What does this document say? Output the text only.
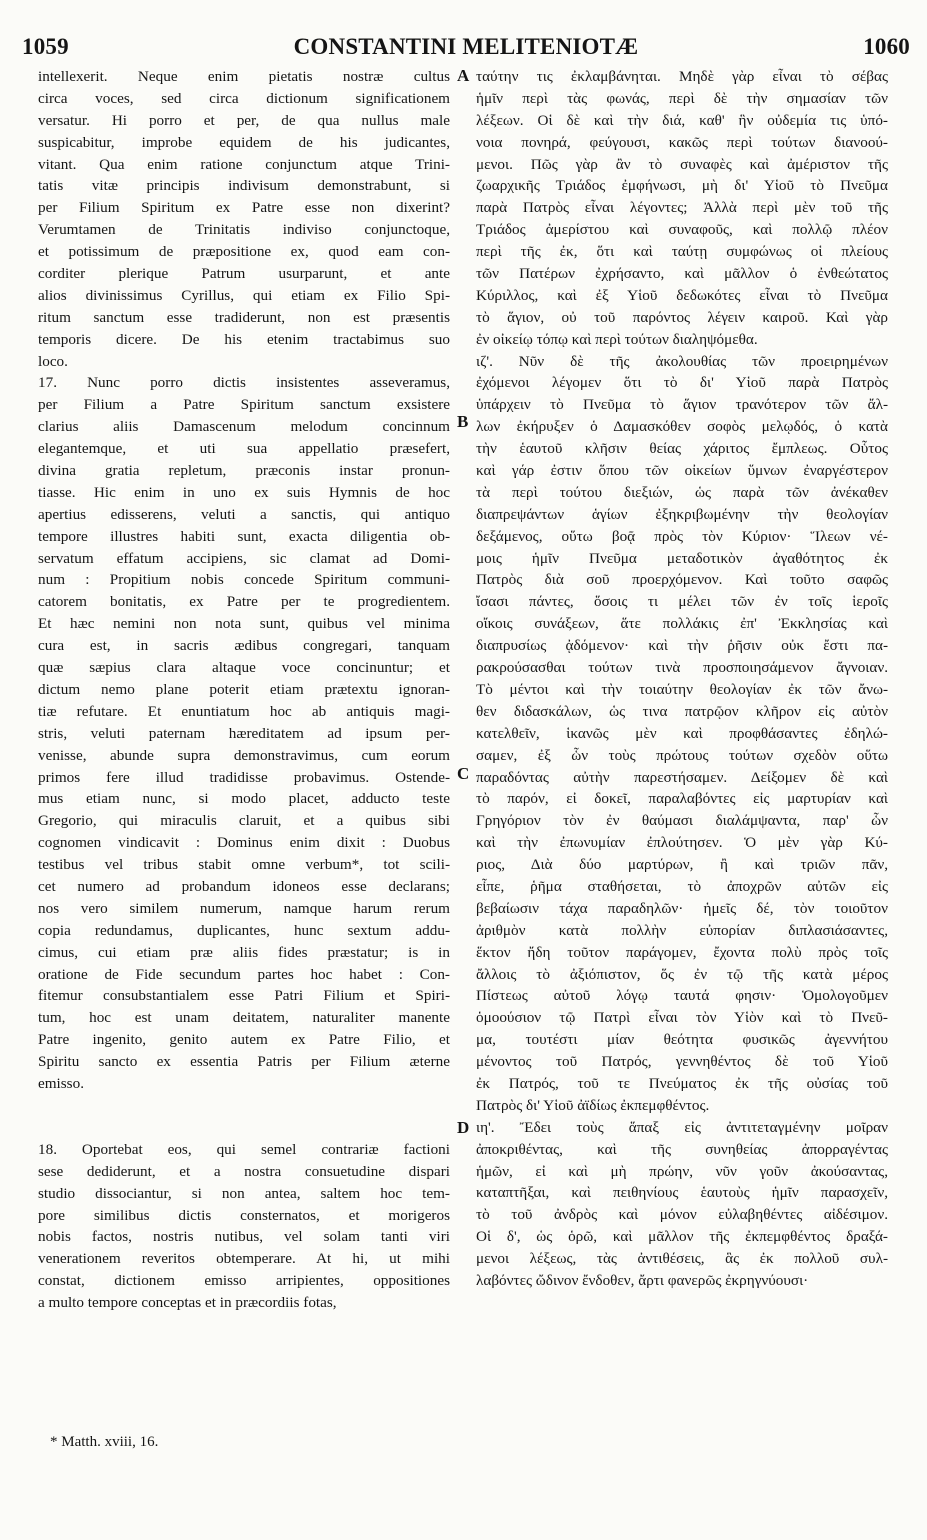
1059	CONSTANTINI MELITENIOTÆ	1060
intellexerit. Neque enim pietatis nostræ cultus
circa voces, sed circa dictionum significationem
versatur. Hi porro et per, de qua nullus male
suspicabitur, improbe equidem de his judicantes,
vitant. Qua enim ratione conjunctum atque Trini-
tatis vitæ principis indivisum demonstrabunt, si
per Filium Spiritum ex Patre esse non dixerint?
Verumtamen de Trinitatis indiviso conjunctoque,
et potissimum de præpositione ex, quod eam con-
corditer plerique Patrum usurparunt, et ante
alios divinissimus Cyrillus, qui etiam ex Filio Spi-
ritum sanctum esse tradiderunt, non est præsentis
temporis dicere. De his etenim tractabimus suo
loco.
17. Nunc porro dictis insistentes asseveramus,
per Filium a Patre Spiritum sanctum exsistere
clarius aliis Damascenum melodum concinnum
elegantemque, et uti sua appellatio præsefert,
divina gratia repletum, præconis instar pronun-
tiasse. Hic enim in uno ex suis Hymnis de hoc
apertius edisserens, veluti a sanctis, qui antiquo
tempore illustres habiti sunt, exacta diligentia ob-
servatum effatum accipiens, sic clamat ad Domi-
num : Propitium nobis concede Spiritum communi-
catorem bonitatis, ex Patre per te progredientem.
Et hæc nemini non nota sunt, quibus vel minima
cura est, in sacris ædibus congregari, tanquam
quæ sæpius clara altaque voce concinuntur; et
dictum nemo plane poterit etiam prætextu ignoran-
tiæ refutare. Et enuntiatum hoc ab antiquis magi-
stris, veluti paternam hæreditatem ad ipsum per-
venisse, abunde supra demonstravimus, cum eorum
primos fere illud tradidisse probavimus. Ostende-
mus etiam nunc, si modo placet, adducto teste
Gregorio, qui miraculis claruit, et a quibus sibi
cognomen vindicavit : Dominus enim dixit : Duobus
testibus vel tribus stabit omne verbum*, tot scili-
cet numero ad probandum idoneos esse declarans;
nos vero similem numerum, namque harum rerum
copia redundamus, duplicantes, hunc sextum addu-
cimus, cui etiam præ aliis fides præstatur; is in
oratione de Fide secundum partes hoc habet : Con-
fitemur consubstantialem esse Patri Filium et Spiri-
tum, hoc est unam deitatem, naturaliter manente
Patre ingenito, genito autem ex Patre Filio, et
Spiritu sancto ex essentia Patris per Filium æterne
emisso.
18. Oportebat eos, qui semel contrariæ factioni
sese dediderunt, et a nostra consuetudine dispari
studio dissociantur, si non antea, saltem hoc tem-
pore similibus dictis consternatos, et morigeros
nobis factos, nostris nutibus, vel solam tanti viri
venerationem reveritos obtemperare. At hi, ut mihi
constat, dictionem emisso arripientes, oppositiones
a multo tempore conceptas et in præcordiis fotas,
ταύτην τις ἐκλαμβάνηται. Μηδὲ γὰρ εἶναι τὸ σέβας
ἡμῖν περὶ τὰς φωνάς, περὶ δὲ τὴν σημασίαν τῶν
λέξεων. Οἱ δὲ καὶ τὴν διά, καθ' ἣν οὐδεμία τις ὑπό-
νοια πονηρά, φεύγουσι, κακῶς περὶ τούτων διανοού-
μενοι. Πῶς γὰρ ἂν τὸ συναφὲς καὶ ἀμέριστον τῆς
ζωαρχικῆς Τριάδος ἐμφήνωσι, μὴ δι' Υἱοῦ τὸ Πνεῦμα
παρὰ Πατρὸς εἶναι λέγοντες; Ἀλλὰ περὶ μὲν τοῦ τῆς
Τριάδος ἀμερίστου καὶ συναφοῦς, καὶ πολλῷ πλέον
περὶ τῆς ἐκ, ὅτι καὶ ταύτῃ συμφώνως οἱ πλείους
τῶν Πατέρων ἐχρήσαντο, καὶ μᾶλλον ὁ ἐνθεώτατος
Κύριλλος, καὶ ἐξ Υἱοῦ δεδωκότες εἶναι τὸ Πνεῦμα
τὸ ἅγιον, οὐ τοῦ παρόντος λέγειν καιροῦ. Καὶ γὰρ
ἐν οἰκείῳ τόπῳ καὶ περὶ τούτων διαληψόμεθα.
ιζ'. Νῦν δὲ τῆς ἀκολουθίας τῶν προειρημένων
ἐχόμενοι λέγομεν ὅτι τὸ δι' Υἱοῦ παρὰ Πατρὸς
ὑπάρχειν τὸ Πνεῦμα τὸ ἅγιον τρανότερον τῶν ἄλ-
λων ἐκήρυξεν ὁ Δαμασκόθεν σοφὸς μελῳδός, ὁ κατὰ
τὴν ἑαυτοῦ κλῆσιν θείας χάριτος ἔμπλεως. Οὗτος
καὶ γάρ ἐστιν ὅπου τῶν οἰκείων ὕμνων ἐναργέστερον
τὰ περὶ τούτου διεξιών, ὡς παρὰ τῶν ἀνέκαθεν
διαπρεψάντων ἁγίων ἐξηκριβωμένην τὴν θεολογίαν
δεξάμενος, οὕτω βοᾷ πρὸς τὸν Κύριον· Ἵλεων νέ-
μοις ἡμῖν Πνεῦμα μεταδοτικὸν ἀγαθότητος ἐκ
Πατρὸς διὰ σοῦ προερχόμενον. Καὶ τοῦτο σαφῶς
ἴσασι πάντες, ὅσοις τι μέλει τῶν ἐν τοῖς ἱεροῖς
οἴκοις συνάξεων, ἅτε πολλάκις ἐπ' Ἐκκλησίας καὶ
διαπρυσίως ᾀδόμενον· καὶ τὴν ῥῆσιν οὐκ ἔστι πα-
ρακρούσασθαι τούτων τινὰ προσποιησάμενον ἄγνοιαν.
Τὸ μέντοι καὶ τὴν τοιαύτην θεολογίαν ἐκ τῶν ἄνω-
θεν διδασκάλων, ὡς τινα πατρῷον κλῆρον εἰς αὐτὸν
κατελθεῖν, ἱκανῶς μὲν καὶ προφθάσαντες ἐδηλώ-
σαμεν, ἐξ ὧν τοὺς πρώτους τούτων σχεδὸν οὕτω
παραδόντας αὐτὴν παρεστήσαμεν. Δείξομεν δὲ καὶ
τὸ παρόν, εἰ δοκεῖ, παραλαβόντες εἰς μαρτυρίαν καὶ
Γρηγόριον τὸν ἐν θαύμασι διαλάμψαντα, παρ' ὧν
καὶ τὴν ἐπωνυμίαν ἐπλούτησεν. Ὁ μὲν γὰρ Κύ-
ριος, Διὰ δύο μαρτύρων, ἢ καὶ τριῶν πᾶν,
εἶπε, ῥῆμα σταθήσεται, τὸ ἀποχρῶν αὐτῶν εἰς
βεβαίωσιν τάχα παραδηλῶν· ἡμεῖς δέ, τὸν τοιοῦτον
ἀριθμὸν κατὰ πολλὴν εὐπορίαν διπλασιάσαντες,
ἕκτον ἤδη τοῦτον παράγομεν, ἔχοντα πολὺ πρὸς τοῖς
ἄλλοις τὸ ἀξιόπιστον, ὅς ἐν τῷ τῆς κατὰ μέρος
Πίστεως αὐτοῦ λόγῳ ταυτά φησιν· Ὁμολογοῦμεν
ὁμοούσιον τῷ Πατρὶ εἶναι τὸν Υἱὸν καὶ τὸ Πνεῦ-
μα, τουτέστι μίαν θεότητα φυσικῶς ἀγεννήτου
μένοντος τοῦ Πατρός, γεννηθέντος δὲ τοῦ Υἱοῦ
ἐκ Πατρός, τοῦ τε Πνεύματος ἐκ τῆς οὐσίας τοῦ
Πατρὸς δι' Υἱοῦ ἀϊδίως ἐκπεμφθέντος.
ιη'. Ἔδει τοὺς ἅπαξ εἰς ἀντιτεταγμένην μοῖραν
ἀποκριθέντας, καὶ τῆς συνηθείας ἀπορραγέντας
ἡμῶν, εἰ καὶ μὴ πρώην, νῦν γοῦν ἀκούσαντας,
καταπτῆξαι, καὶ πειθηνίους ἑαυτοὺς ἡμῖν παρασχεῖν,
τὸ τοῦ ἀνδρὸς καὶ μόνον εὐλαβηθέντες αἰδέσιμον.
Οἱ δ', ὡς ὁρῶ, καὶ μᾶλλον τῆς ἐκπεμφθέντος δραξά-
μενοι λέξεως, τὰς ἀντιθέσεις, ἃς ἐκ πολλοῦ συλ-
λαβόντες ὤδινον ἔνδοθεν, ἄρτι φανερῶς ἐκρηγνύουσι·
A
B
C
D
* Matth. xviii, 16.
